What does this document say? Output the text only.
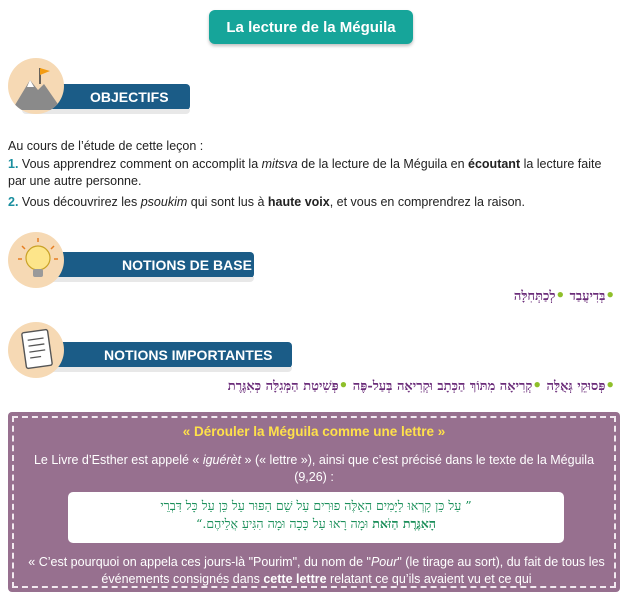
La lecture de la Méguila
OBJECTIFS
Au cours de l’étude de cette leçon :
1. Vous apprendrez comment on accomplit la mitsva de la lecture de la Méguila en écoutant la lecture faite par une autre personne.
2. Vous découvrirez les psoukim qui sont lus à haute voix, et vous en comprendrez la raison.
NOTIONS DE BASE
•בְּדִיעֲבַד •לְכַתְּחִלָּה
NOTIONS IMPORTANTES
•פְּסוּקֵי גְּאֻלָּה •קְרִיאָה מִתּוֹךְ הַכְּתָב וּקְרִיאָה בְּעַל-פֶּה •פְּשִׁיטַת הַמְּגִלָּה כְּאִגֶּרֶת
« Dérouler la Méguila comme une lettre »
Le Livre d’Esther est appelé « iguérèt » (« lettre »), ainsi que c’est précisé dans le texte de la Méguila (9,26) :
” עַל כֵּן קָרְאוּ לַיָּמִים הָאֵלֶּה פוּרִים עַל שֵׁם הַפּוּר עַל כֵּן עַל כָּל דִּבְרֵי
הָאִגֶּרֶת הַזֹּאת וּמָה רָאוּ עַל כָּכָה וּמָה הִגִּיעַ אֲלֵיהֶם.“
« C’est pourquoi on appela ces jours-là "Pourim", du nom de "Pour" (le tirage au sort), du fait de tous les événements consignés dans cette lettre relatant ce qu’ils avaient vu et ce qui
